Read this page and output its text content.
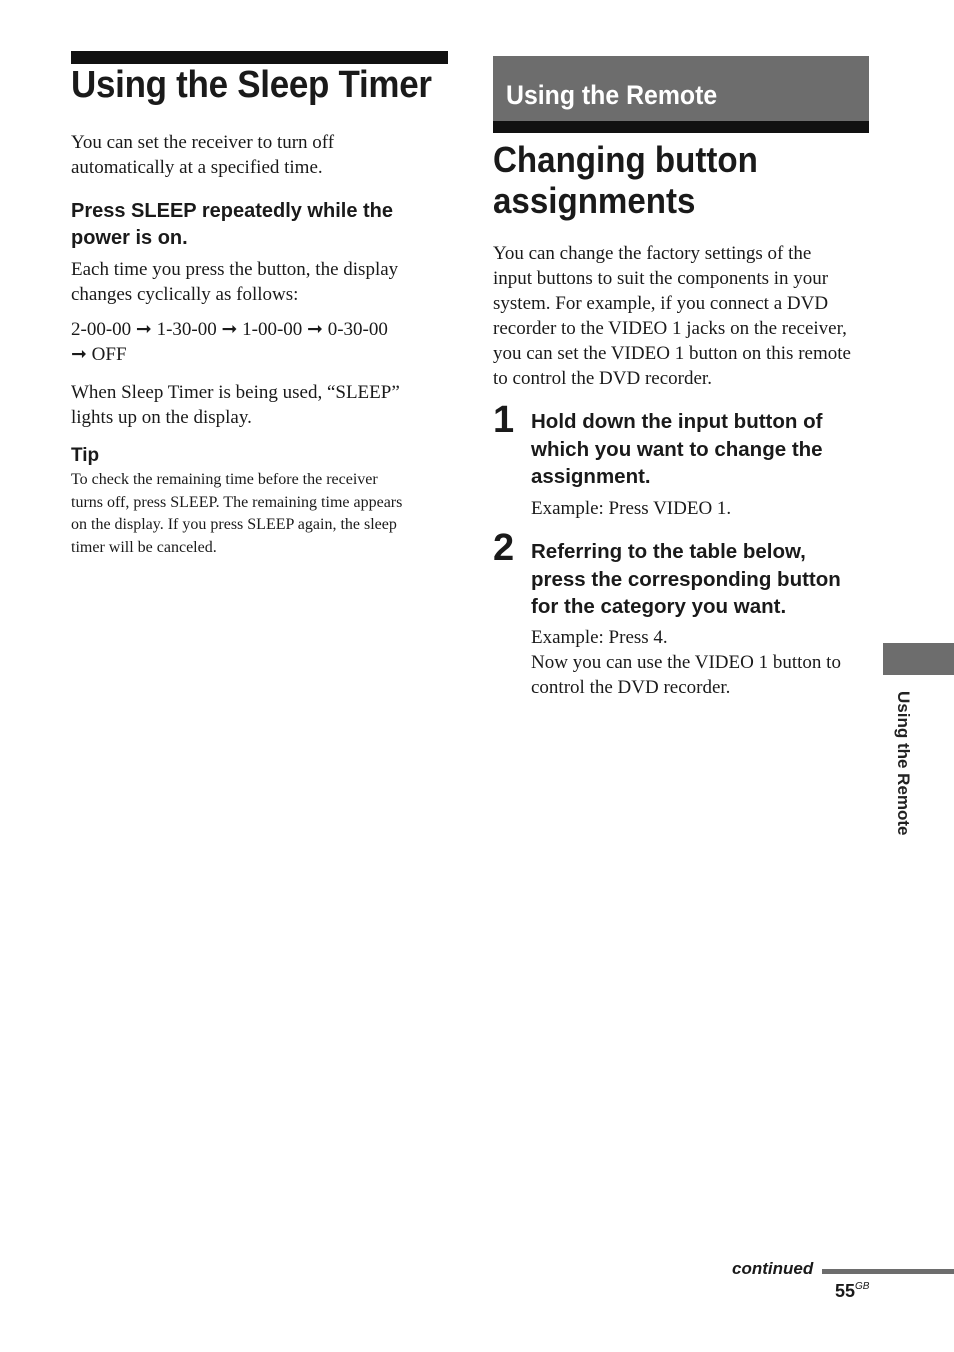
Using the Sleep Timer
You can set the receiver to turn off
automatically at a specified time.
Press SLEEP repeatedly while the
power is on.
Each time you press the button, the display
changes cyclically as follows:
2-00-00 ➞ 1-30-00 ➞ 1-00-00 ➞ 0-30-00
➞ OFF
When Sleep Timer is being used, “SLEEP”
lights up on the display.
Tip
To check the remaining time before the receiver
turns off, press SLEEP. The remaining time appears
on the display. If you press SLEEP again, the sleep
timer will be canceled.
Using the Remote
Changing button
assignments
You can change the factory settings of the
input buttons to suit the components in your
system. For example, if you connect a DVD
recorder to the VIDEO 1 jacks on the receiver,
you can set the VIDEO 1 button on this remote
to control the DVD recorder.
1 Hold down the input button of
which you want to change the
assignment.
Example: Press VIDEO 1.
2 Referring to the table below,
press the corresponding button
for the category you want.
Example: Press 4.
Now you can use the VIDEO 1 button to
control the DVD recorder.
Using the Remote
continued
$55^{GB}$
